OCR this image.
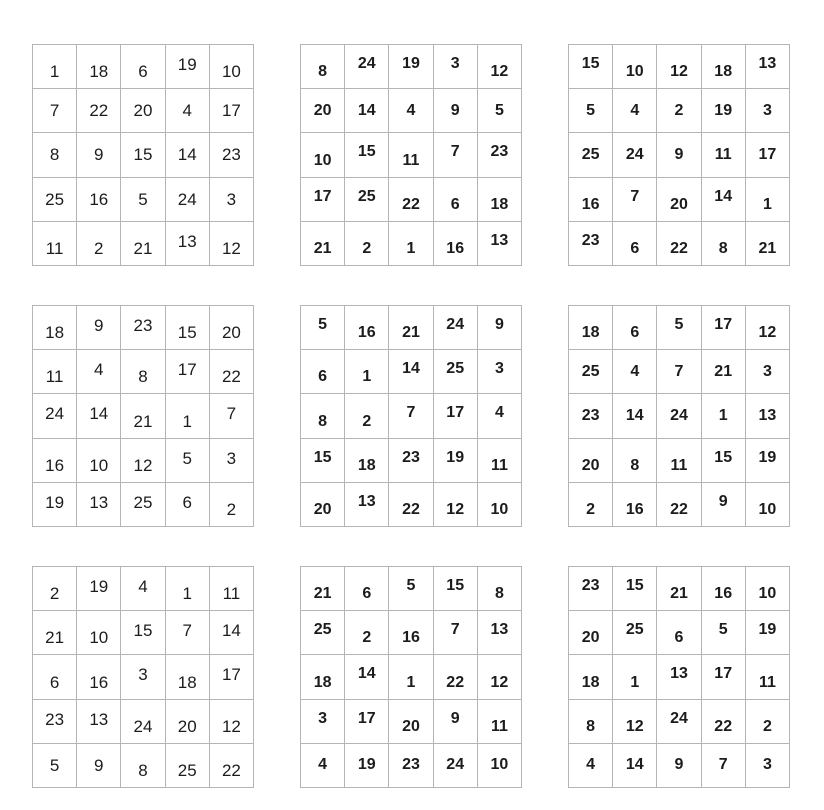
1 18 6 19 10
7 22 20 4 17
8 9 15 14 23
25 16 5 24 3
11 2 21 13 12
8 24 19 3 12
20 14 4 9 5
10 15 11 7 23
17 25 22 6 18
21 2 1 16 13
15 10 12 18 13
5 4 2 19 3
25 24 9 11 17
16 7 20 14 1
23 6 22 8 21
18 9 23 15 20
11 4 8 17 22
24 14 21 1 7
16 10 12 5 3
19 13 25 6 2
5 16 21 24 9
6 1 14 25 3
8 2 7 17 4
15 18 23 19 11
20 13 22 12 10
18 6 5 17 12
25 4 7 21 3
23 14 24 1 13
20 8 11 15 19
2 16 22 9 10
2 19 4 1 11
21 10 15 7 14
6 16 3 18 17
23 13 24 20 12
5 9 8 25 22
21 6 5 15 8
25 2 16 7 13
18 14 1 22 12
3 17 20 9 11
4 19 23 24 10
23 15 21 16 10
20 25 6 5 19
18 1 13 17 11
8 12 24 22 2
4 14 9 7 3
